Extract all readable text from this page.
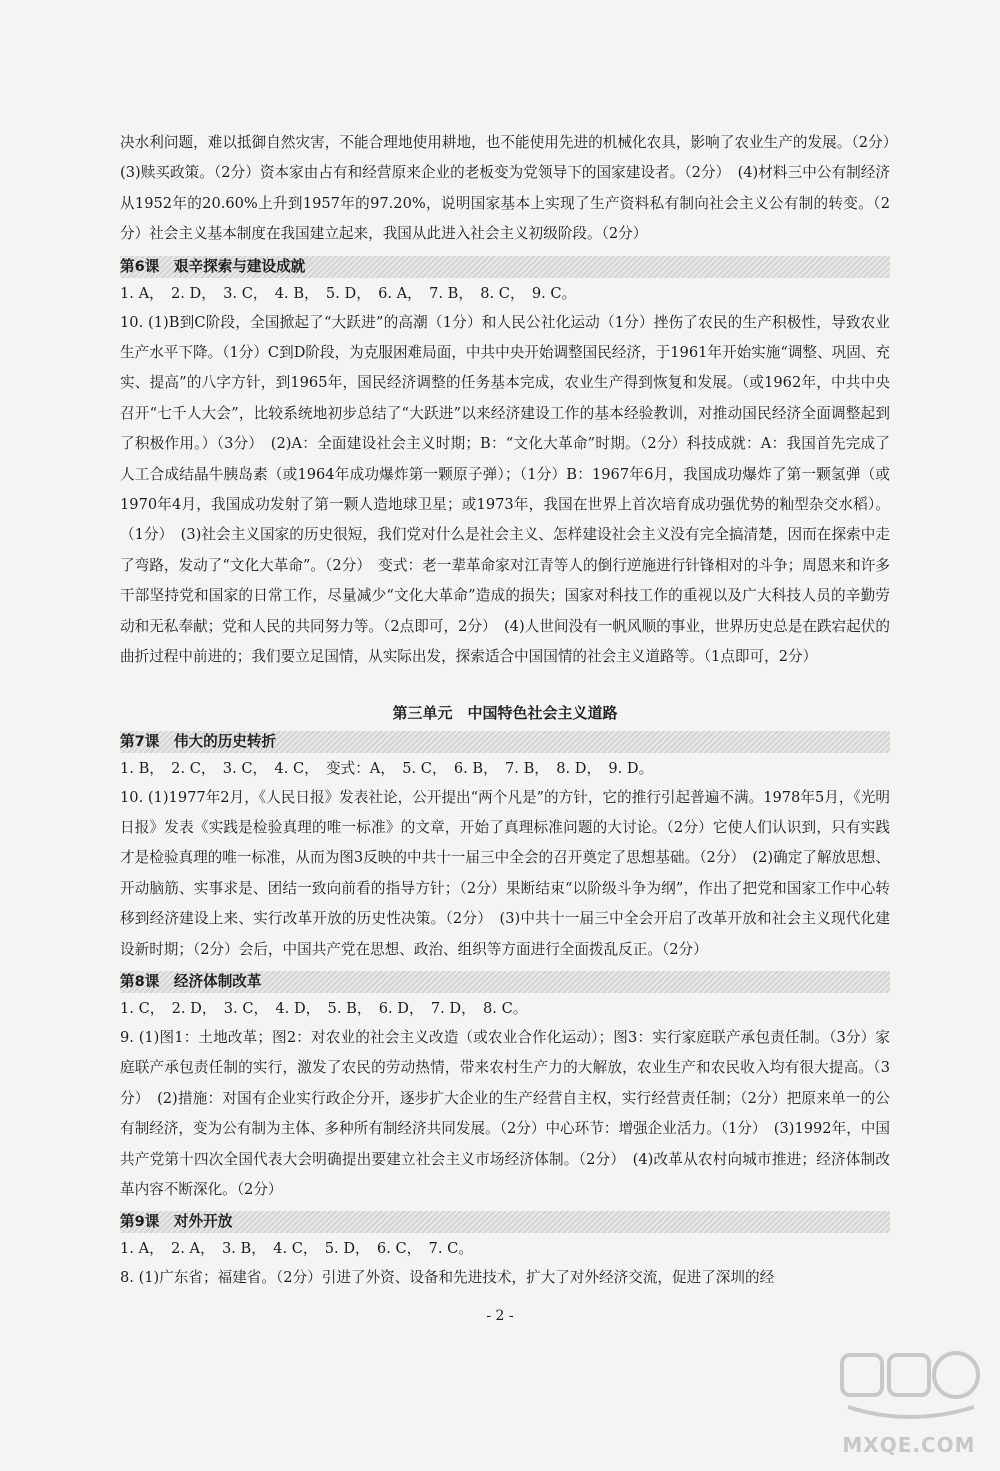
决水利问题，难以抵御自然灾害，不能合理地使用耕地，也不能使用先进的机械化农具，影响了农业生产的发展。（2分）　(3)赎买政策。（2分）资本家由占有和经营原来企业的老板变为党领导下的国家建设者。（2分）　(4)材料三中公有制经济从1952年的20.60%上升到1957年的97.20%，说明国家基本上实现了生产资料私有制向社会主义公有制的转变。（2分）社会主义基本制度在我国建立起来，我国从此进入社会主义初级阶段。（2分）

第6课　艰辛探索与建设成就

1. A，　2. D，　3. C，　4. B，　5. D，　6. A，　7. B，　8. C，　9. C。

10. (1)B到C阶段，全国掀起了“大跃进”的高潮（1分）和人民公社化运动（1分）挫伤了农民的生产积极性，导致农业生产水平下降。（1分）C到D阶段，为克服困难局面，中共中央开始调整国民经济，于1961年开始实施“调整、巩固、充实、提高”的八字方针，到1965年，国民经济调整的任务基本完成，农业生产得到恢复和发展。（或1962年，中共中央召开“七千人大会”，比较系统地初步总结了“大跃进”以来经济建设工作的基本经验教训，对推动国民经济全面调整起到了积极作用。）（3分）　(2)A：全面建设社会主义时期；B：“文化大革命”时期。（2分）科技成就：A：我国首先完成了人工合成结晶牛胰岛素（或1964年成功爆炸第一颗原子弹）；（1分）B：1967年6月，我国成功爆炸了第一颗氢弹（或1970年4月，我国成功发射了第一颗人造地球卫星；或1973年，我国在世界上首次培育成功强优势的籼型杂交水稻）。（1分）　(3)社会主义国家的历史很短，我们党对什么是社会主义、怎样建设社会主义没有完全搞清楚，因而在探索中走了弯路，发动了“文化大革命”。（2分）　变式：老一辈革命家对江青等人的倒行逆施进行针锋相对的斗争；周恩来和许多干部坚持党和国家的日常工作，尽量减少“文化大革命”造成的损失；国家对科技工作的重视以及广大科技人员的辛勤劳动和无私奉献；党和人民的共同努力等。（2点即可，2分）　(4)人世间没有一帆风顺的事业，世界历史总是在跌宕起伏的曲折过程中前进的；我们要立足国情，从实际出发，探索适合中国国情的社会主义道路等。（1点即可，2分）

第三单元　中国特色社会主义道路
第7课　伟大的历史转折

1. B，　2. C，　3. C，　4. C，　变式：A，　5. C，　6. B，　7. B，　8. D，　9. D。

10. (1)1977年2月，《人民日报》发表社论，公开提出“两个凡是”的方针，它的推行引起普遍不满。1978年5月，《光明日报》发表《实践是检验真理的唯一标准》的文章，开始了真理标准问题的大讨论。（2分）它使人们认识到，只有实践才是检验真理的唯一标准，从而为图3反映的中共十一届三中全会的召开奠定了思想基础。（2分）　(2)确定了解放思想、开动脑筋、实事求是、团结一致向前看的指导方针；（2分）果断结束“以阶级斗争为纲”，作出了把党和国家工作中心转移到经济建设上来、实行改革开放的历史性决策。（2分）　(3)中共十一届三中全会开启了改革开放和社会主义现代化建设新时期；（2分）会后，中国共产党在思想、政治、组织等方面进行全面拨乱反正。（2分）

第8课　经济体制改革

1. C，　2. D，　3. C，　4. D，　5. B，　6. D，　7. D，　8. C。

9. (1)图1：土地改革；图2：对农业的社会主义改造（或农业合作化运动）；图3：实行家庭联产承包责任制。（3分）家庭联产承包责任制的实行，激发了农民的劳动热情，带来农村生产力的大解放，农业生产和农民收入均有很大提高。（3分）　(2)措施：对国有企业实行政企分开，逐步扩大企业的生产经营自主权，实行经营责任制；（2分）把原来单一的公有制经济，变为公有制为主体、多种所有制经济共同发展。（2分）中心环节：增强企业活力。（1分）　(3)1992年，中国共产党第十四次全国代表大会明确提出要建立社会主义市场经济体制。（2分）　(4)改革从农村向城市推进；经济体制改革内容不断深化。（2分）

第9课　对外开放

1. A，　2. A，　3. B，　4. C，　5. D，　6. C，　7. C。

8. (1)广东省；福建省。（2分）引进了外资、设备和先进技术，扩大了对外经济交流，促进了深圳的经

- 2 -
MXQE.COM
